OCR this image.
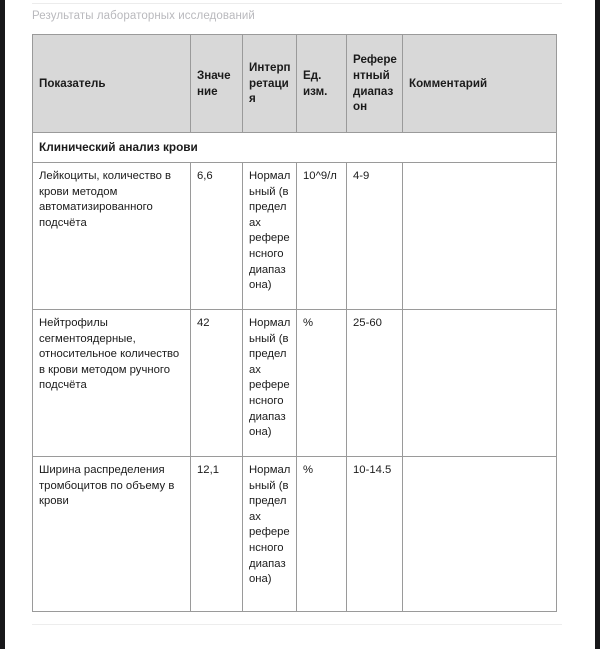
Результаты лабораторных исследований
Показатель	Значение	Интерпретация	Ед. изм.	Референтный диапазон	Комментарий
Клинический анализ крови					
Лейкоциты, количество в крови методом автоматизированного подсчёта	6,6	Нормальный (в пределах референсного диапазона)	10^9/л	4-9	
Нейтрофилы сегментоядерные, относительное количество в крови методом ручного подсчёта	42	Нормальный (в пределах референсного диапазона)	%	25-60	
Ширина распределения тромбоцитов по объему в крови	12,1	Нормальный (в пределах референсного диапазона)	%	10-14.5	
